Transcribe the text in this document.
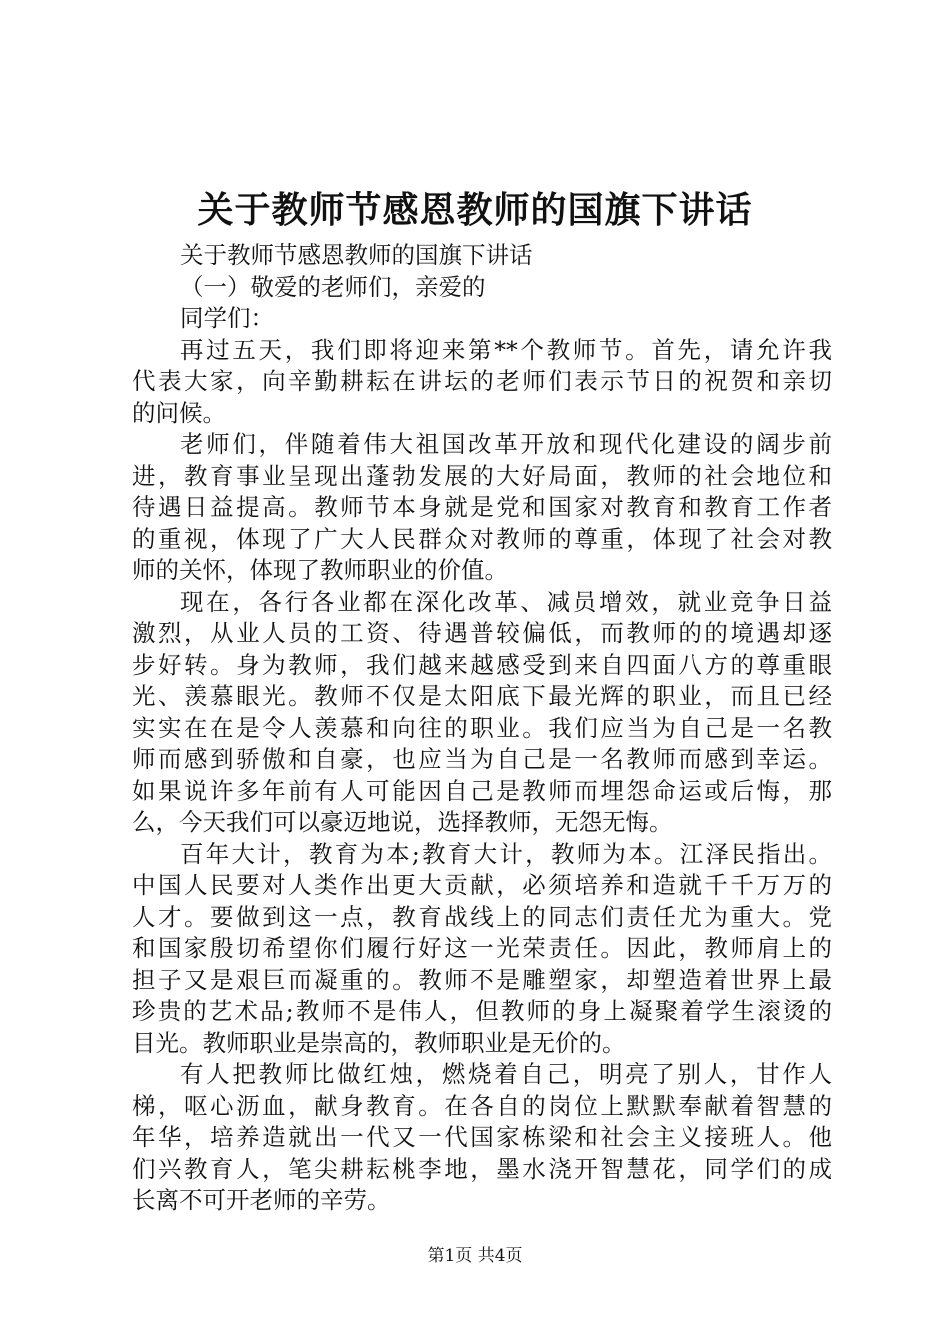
关于教师节感恩教师的国旗下讲话
关于教师节感恩教师的国旗下讲话
（一）敬爱的老师们，亲爱的
同学们：
再过五天，我们即将迎来第**个教师节。首先，请允许我
代表大家，向辛勤耕耘在讲坛的老师们表示节日的祝贺和亲切
的问候。
老师们，伴随着伟大祖国改革开放和现代化建设的阔步前
进，教育事业呈现出蓬勃发展的大好局面，教师的社会地位和
待遇日益提高。教师节本身就是党和国家对教育和教育工作者
的重视，体现了广大人民群众对教师的尊重，体现了社会对教
师的关怀，体现了教师职业的价值。
现在，各行各业都在深化改革、减员增效，就业竞争日益
激烈，从业人员的工资、待遇普较偏低，而教师的的境遇却逐
步好转。身为教师，我们越来越感受到来自四面八方的尊重眼
光、羡慕眼光。教师不仅是太阳底下最光辉的职业，而且已经
实实在在是令人羡慕和向往的职业。我们应当为自己是一名教
师而感到骄傲和自豪，也应当为自己是一名教师而感到幸运。
如果说许多年前有人可能因自己是教师而埋怨命运或后悔，那
么，今天我们可以豪迈地说，选择教师，无怨无悔。
百年大计，教育为本;教育大计，教师为本。江泽民指出。
中国人民要对人类作出更大贡献，必须培养和造就千千万万的
人才。要做到这一点，教育战线上的同志们责任尤为重大。党
和国家殷切希望你们履行好这一光荣责任。因此，教师肩上的
担子又是艰巨而凝重的。教师不是雕塑家，却塑造着世界上最
珍贵的艺术品;教师不是伟人，但教师的身上凝聚着学生滚烫的
目光。教师职业是崇高的，教师职业是无价的。
有人把教师比做红烛，燃烧着自己，明亮了别人，甘作人
梯，呕心沥血，献身教育。在各自的岗位上默默奉献着智慧的
年华，培养造就出一代又一代国家栋梁和社会主义接班人。他
们兴教育人，笔尖耕耘桃李地，墨水浇开智慧花，同学们的成
长离不可开老师的辛劳。
第1页 共4页
